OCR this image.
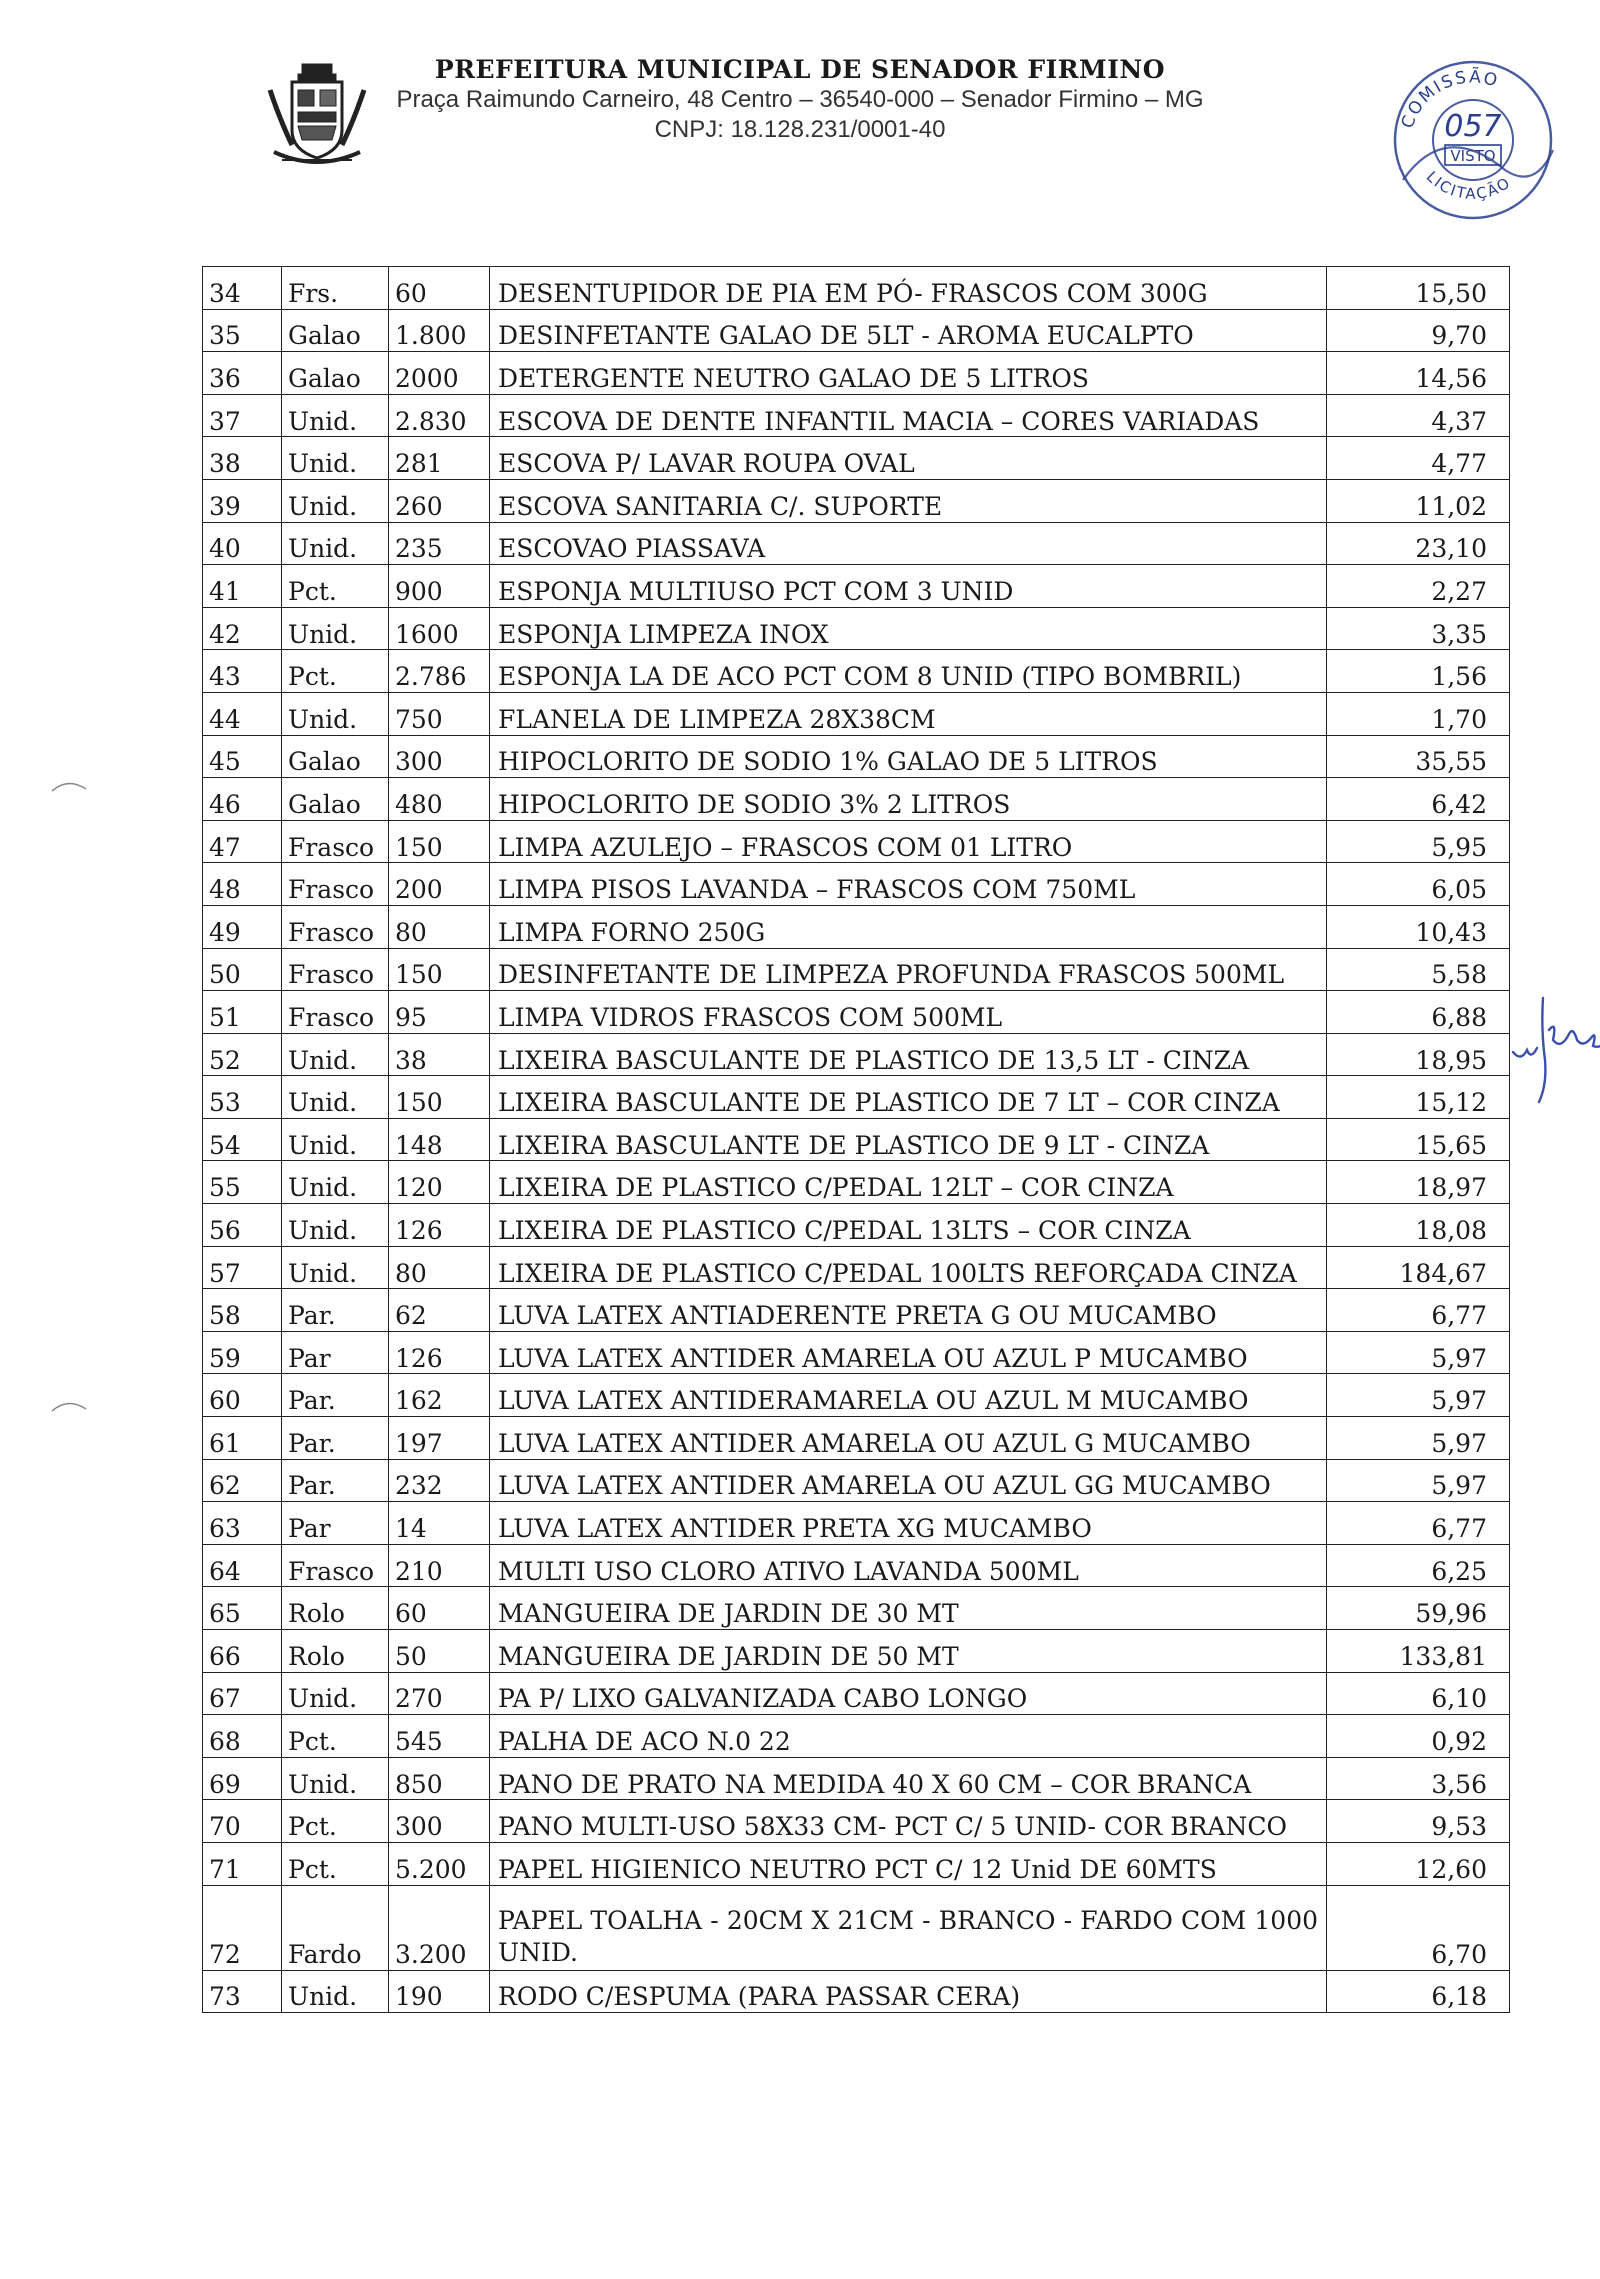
PREFEITURA MUNICIPAL DE SENADOR FIRMINO
Praça Raimundo Carneiro, 48 Centro – 36540-000 – Senador Firmino – MG
CNPJ: 18.128.231/0001-40	COMISSÃO
057
VISTO
LICITAÇÃO
34	Frs.	60	DESENTUPIDOR DE PIA EM PÓ- FRASCOS COM 300G	15,50
35	Galao	1.800	DESINFETANTE GALAO DE 5LT - AROMA EUCALPTO	9,70
36	Galao	2000	DETERGENTE NEUTRO GALAO DE 5 LITROS	14,56
37	Unid.	2.830	ESCOVA DE DENTE INFANTIL MACIA – CORES VARIADAS	4,37
38	Unid.	281	ESCOVA P/ LAVAR ROUPA OVAL	4,77
39	Unid.	260	ESCOVA SANITARIA C/. SUPORTE	11,02
40	Unid.	235	ESCOVAO PIASSAVA	23,10
41	Pct.	900	ESPONJA MULTIUSO PCT COM 3 UNID	2,27
42	Unid.	1600	ESPONJA LIMPEZA INOX	3,35
43	Pct.	2.786	ESPONJA LA DE ACO PCT COM 8 UNID (TIPO BOMBRIL)	1,56
44	Unid.	750	FLANELA DE LIMPEZA 28X38CM	1,70
45	Galao	300	HIPOCLORITO DE SODIO 1% GALAO DE 5 LITROS	35,55
46	Galao	480	HIPOCLORITO DE SODIO 3% 2 LITROS	6,42
47	Frasco	150	LIMPA AZULEJO – FRASCOS COM 01 LITRO	5,95
48	Frasco	200	LIMPA PISOS LAVANDA – FRASCOS COM 750ML	6,05
49	Frasco	80	LIMPA FORNO 250G	10,43
50	Frasco	150	DESINFETANTE DE LIMPEZA PROFUNDA FRASCOS 500ML	5,58
51	Frasco	95	LIMPA VIDROS FRASCOS COM 500ML	6,88
52	Unid.	38	LIXEIRA BASCULANTE DE PLASTICO DE 13,5 LT - CINZA	18,95
53	Unid.	150	LIXEIRA BASCULANTE DE PLASTICO DE 7 LT – COR CINZA	15,12
54	Unid.	148	LIXEIRA BASCULANTE DE PLASTICO DE 9 LT - CINZA	15,65
55	Unid.	120	LIXEIRA DE PLASTICO C/PEDAL 12LT – COR CINZA	18,97
56	Unid.	126	LIXEIRA DE PLASTICO C/PEDAL 13LTS – COR CINZA	18,08
57	Unid.	80	LIXEIRA DE PLASTICO C/PEDAL 100LTS REFORÇADA CINZA	184,67
58	Par.	62	LUVA LATEX ANTIADERENTE PRETA G OU MUCAMBO	6,77
59	Par	126	LUVA LATEX ANTIDER AMARELA OU AZUL P MUCAMBO	5,97
60	Par.	162	LUVA LATEX ANTIDERAMARELA OU AZUL M MUCAMBO	5,97
61	Par.	197	LUVA LATEX ANTIDER AMARELA OU AZUL G MUCAMBO	5,97
62	Par.	232	LUVA LATEX ANTIDER AMARELA OU AZUL GG MUCAMBO	5,97
63	Par	14	LUVA LATEX ANTIDER PRETA XG MUCAMBO	6,77
64	Frasco	210	MULTI USO CLORO ATIVO LAVANDA 500ML	6,25
65	Rolo	60	MANGUEIRA DE JARDIN DE 30 MT	59,96
66	Rolo	50	MANGUEIRA DE JARDIN DE 50 MT	133,81
67	Unid.	270	PA P/ LIXO GALVANIZADA CABO LONGO	6,10
68	Pct.	545	PALHA DE ACO N.0 22	0,92
69	Unid.	850	PANO DE PRATO NA MEDIDA 40 X 60 CM – COR BRANCA	3,56
70	Pct.	300	PANO MULTI-USO 58X33 CM- PCT C/ 5 UNID- COR BRANCO	9,53
71	Pct.	5.200	PAPEL HIGIENICO NEUTRO PCT C/ 12 Unid DE 60MTS	12,60
72	Fardo	3.200	PAPEL TOALHA - 20CM X 21CM - BRANCO - FARDO COM 1000 UNID.	6,70
73	Unid.	190	RODO C/ESPUMA (PARA PASSAR CERA)	6,18
